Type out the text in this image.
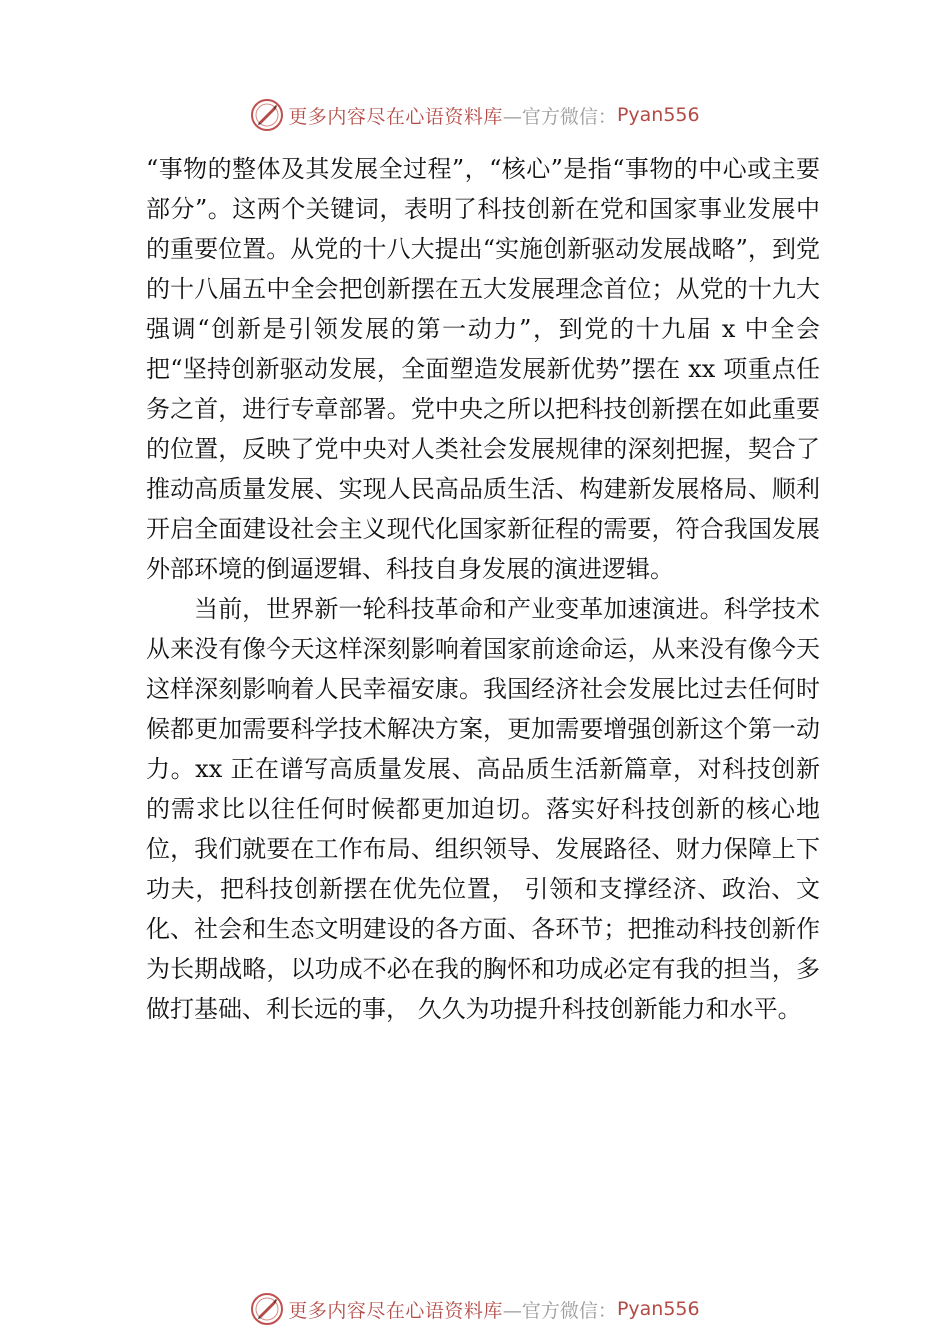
更多内容尽在心语资料库 —官方微信： Pyan556

“事物的整体及其发展全过程”，“核心”是指“事物的中心或主要部分”。这两个关键词，表明了科技创新在党和国家事业发展中的重要位置。从党的十八大提出“实施创新驱动发展战略”，到党的十八届五中全会把创新摆在五大发展理念首位；从党的十九大强调“创新是引领发展的第一动力”，到党的十九届 x 中全会把“坚持创新驱动发展，全面塑造发展新优势”摆在 xx 项重点任务之首，进行专章部署。党中央之所以把科技创新摆在如此重要的位置，反映了党中央对人类社会发展规律的深刻把握，契合了推动高质量发展、实现人民高品质生活、构建新发展格局、顺利开启全面建设社会主义现代化国家新征程的需要，符合我国发展外部环境的倒逼逻辑、科技自身发展的演进逻辑。

当前，世界新一轮科技革命和产业变革加速演进。科学技术从来没有像今天这样深刻影响着国家前途命运，从来没有像今天这样深刻影响着人民幸福安康。我国经济社会发展比过去任何时候都更加需要科学技术解决方案，更加需要增强创新这个第一动力。xx 正在谱写高质量发展、高品质生活新篇章，对科技创新的需求比以往任何时候都更加迫切。落实好科技创新的核心地位，我们就要在工作布局、组织领导、发展路径、财力保障上下功夫，把科技创新摆在优先位置， 引领和支撑经济、政治、文化、社会和生态文明建设的各方面、各环节；把推动科技创新作为长期战略，以功成不必在我的胸怀和功成必定有我的担当，多做打基础、利长远的事， 久久为功提升科技创新能力和水平。

更多内容尽在心语资料库 —官方微信： Pyan556
